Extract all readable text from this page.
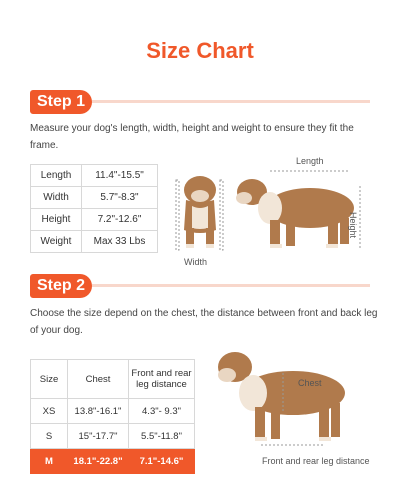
Size Chart
Step 1
Measure your dog's length, width, height and weight to ensure they fit the frame.
Length	11.4"-15.5"
Width	5.7"-8.3"
Height	7.2"-12.6"
Weight	Max 33 Lbs
Width
Length
Height
Step 2
Choose the size depend on the chest, the distance between front and back leg of your dog.
Size	Chest	Front and rear leg distance
XS	13.8"-16.1"	4.3"- 9.3"
S	15"-17.7"	5.5"-11.8"
M	18.1"-22.8"	7.1"-14.6"
Chest
Front and rear leg distance
